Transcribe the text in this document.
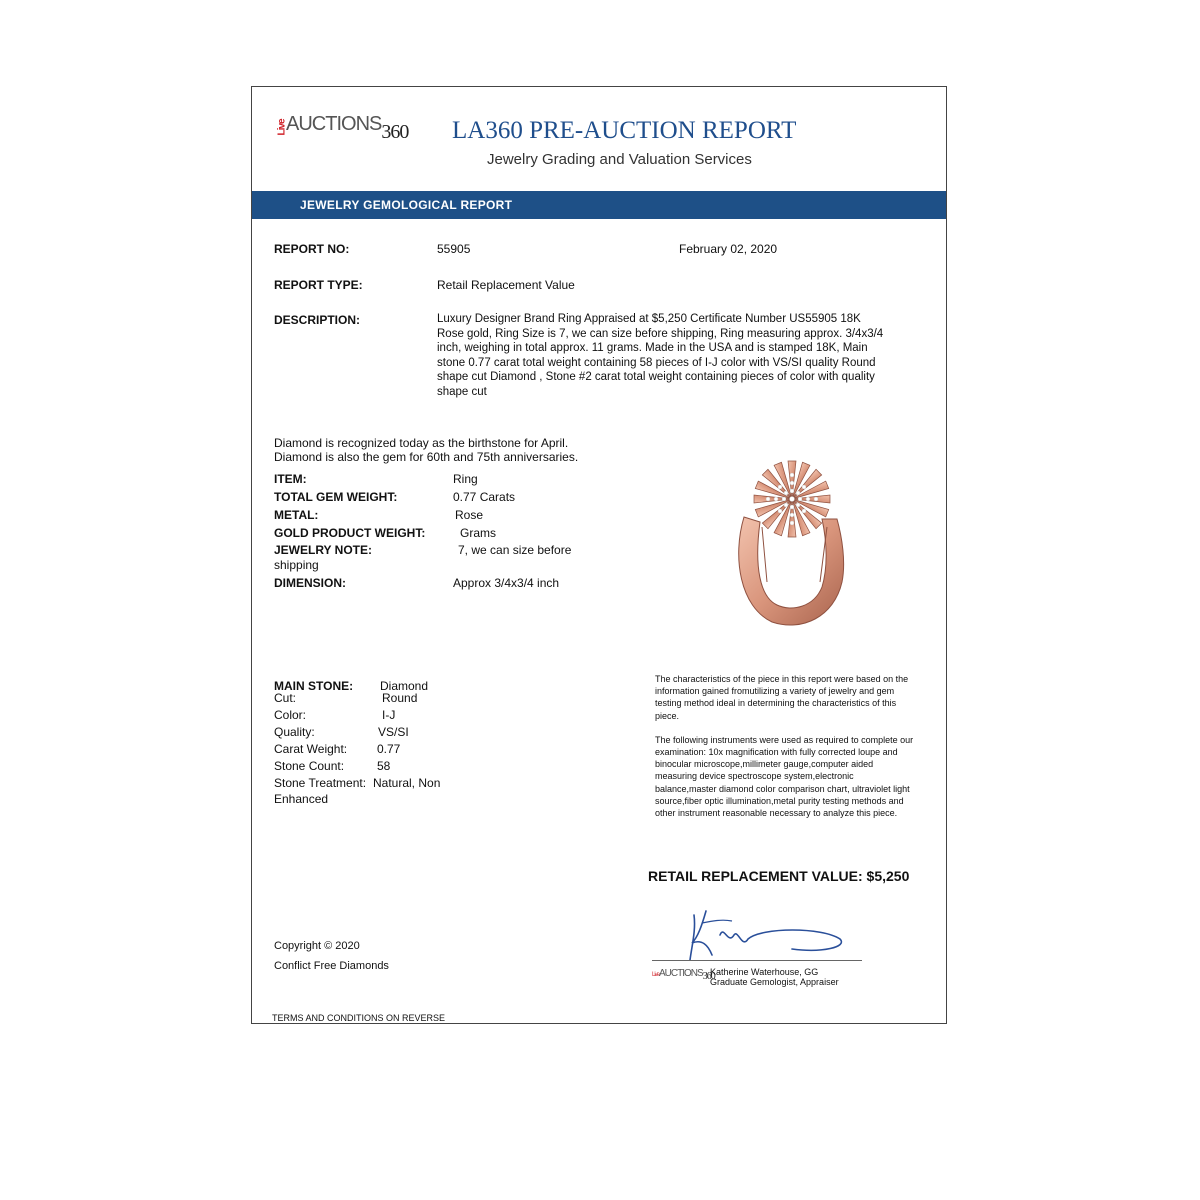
LiveAUCTIONS360 LA360 PRE-AUCTION REPORT
Jewelry Grading and Valuation Services
JEWELRY GEMOLOGICAL REPORT
REPORT NO:	55905	February 02, 2020
REPORT TYPE:	Retail Replacement Value
DESCRIPTION:	Luxury Designer Brand Ring Appraised at $5,250 Certificate Number US55905 18K Rose gold, Ring Size is 7, we can size before shipping, Ring measuring approx. 3/4x3/4 inch, weighing in total approx. 11 grams. Made in the USA and is stamped 18K, Main stone 0.77 carat total weight containing 58 pieces of I-J color with VS/SI quality Round shape cut Diamond , Stone #2 carat total weight containing pieces of color with quality shape cut
Diamond is recognized today as the birthstone for April.
Diamond is also the gem for 60th and 75th anniversaries.
ITEM:	Ring
TOTAL GEM WEIGHT:	0.77 Carats
METAL:	Rose
GOLD PRODUCT WEIGHT:	Grams
JEWELRY NOTE:	7, we can size before
shipping
DIMENSION:	Approx 3/4x3/4 inch
MAIN STONE: Diamond
Cut:	Round
Color:	I-J
Quality:	VS/SI
Carat Weight: 0.77
Stone Count:	58
Stone Treatment: Natural, Non
Enhanced

The characteristics of the piece in this report were based on the information gained fromutilizing a variety of jewelry and gem testing method ideal in determining the characteristics of this piece.

The following instruments were used as required to complete our examination: 10x magnification with fully corrected loupe and binocular microscope,millimeter gauge,computer aided measuring device spectroscope system,electronic balance,master diamond color comparison chart, ultraviolet light source,fiber optic illumination,metal purity testing methods and other instrument reasonable necessary to analyze this piece.

RETAIL REPLACEMENT VALUE: $5,250
Copyright © 2020
Conflict Free Diamonds
TERMS AND CONDITIONS ON REVERSE
LiveAUCTIONS360
Katherine Waterhouse, GG
Graduate Gemologist, Appraiser
